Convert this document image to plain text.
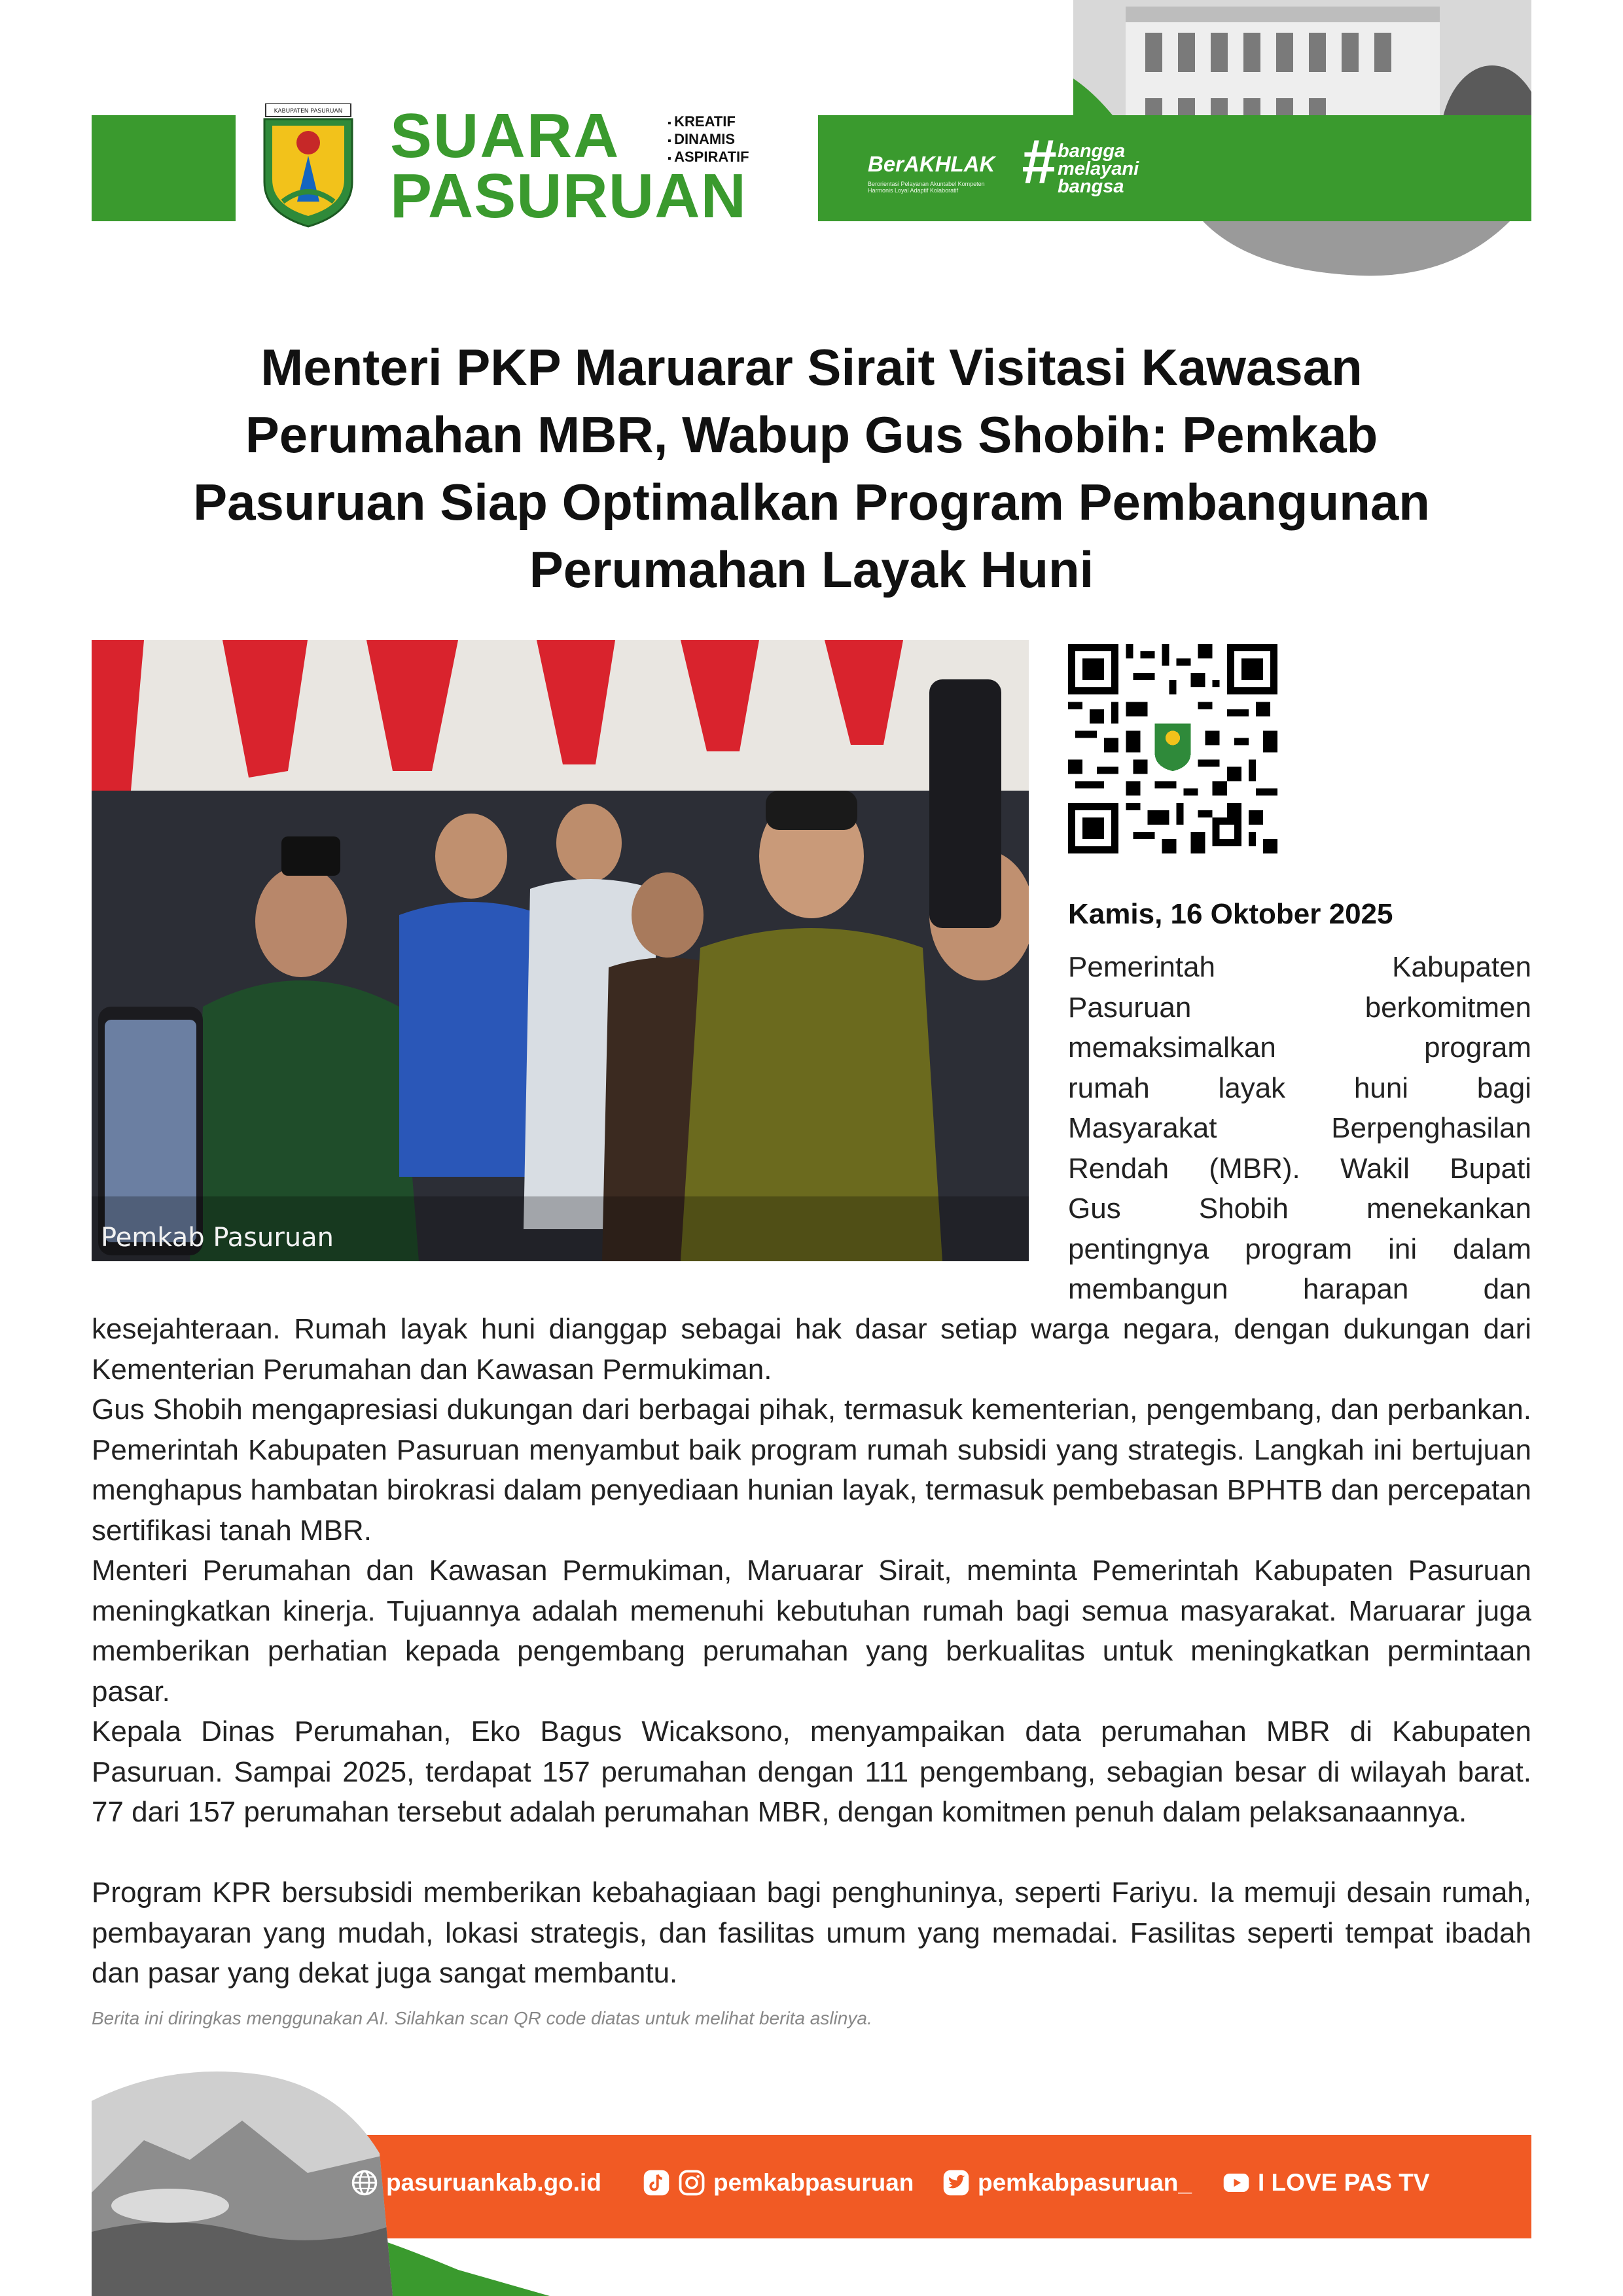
KABUPATEN PASURUAN SUARA
PASURUAN
▪ KREATIF
▪ DINAMIS
▪ ASPIRATIF	BerAKHLAK
Berorientasi Pelayanan Akuntabel Kompeten Harmonis Loyal Adaptif Kolaboratif # bangga
melayani
bangsa
Menteri PKP Maruarar Sirait Visitasi Kawasan
Perumahan MBR, Wabup Gus Shobih: Pemkab
Pasuruan Siap Optimalkan Program Pembangunan
Perumahan Layak Huni
Pemkab Pasuruan
Kamis, 16 Oktober 2025
Pemerintah Kabupaten
Pasuruan berkomitmen
memaksimalkan program
rumah layak huni bagi
Masyarakat Berpenghasilan
Rendah (MBR). Wakil Bupati
Gus Shobih menekankan
pentingnya program ini dalam
membangun harapan dan
kesejahteraan. Rumah layak huni dianggap sebagai hak dasar setiap warga negara, dengan dukungan dari Kementerian Perumahan dan Kawasan Permukiman.
Gus Shobih mengapresiasi dukungan dari berbagai pihak, termasuk kementerian, pengembang, dan perbankan. Pemerintah Kabupaten Pasuruan menyambut baik program rumah subsidi yang strategis. Langkah ini bertujuan menghapus hambatan birokrasi dalam penyediaan hunian layak, termasuk pembebasan BPHTB dan percepatan sertifikasi tanah MBR.
Menteri Perumahan dan Kawasan Permukiman, Maruarar Sirait, meminta Pemerintah Kabupaten Pasuruan meningkatkan kinerja. Tujuannya adalah memenuhi kebutuhan rumah bagi semua masyarakat. Maruarar juga memberikan perhatian kepada pengembang perumahan yang berkualitas untuk meningkatkan permintaan pasar.
Kepala Dinas Perumahan, Eko Bagus Wicaksono, menyampaikan data perumahan MBR di Kabupaten Pasuruan. Sampai 2025, terdapat 157 perumahan dengan 111 pengembang, sebagian besar di wilayah barat. 77 dari 157 perumahan tersebut adalah perumahan MBR, dengan komitmen penuh dalam pelaksanaannya.
Program KPR bersubsidi memberikan kebahagiaan bagi penghuninya, seperti Fariyu. Ia memuji desain rumah, pembayaran yang mudah, lokasi strategis, dan fasilitas umum yang memadai. Fasilitas seperti tempat ibadah dan pasar yang dekat juga sangat membantu.
Berita ini diringkas menggunakan AI. Silahkan scan QR code diatas untuk melihat berita aslinya.
pasuruankab.go.id	pemkabpasuruan	pemkabpasuruan_	I LOVE PAS TV
